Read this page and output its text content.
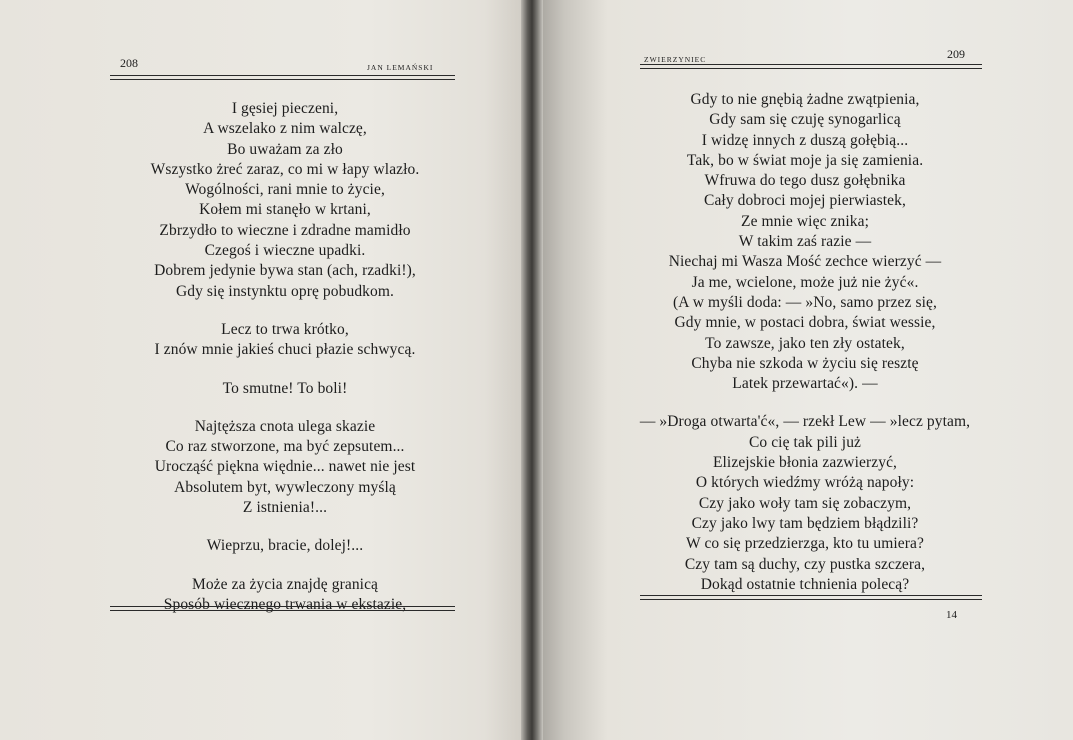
208	JAN LEMAŃSKI
I gęsiej pieczeni,
A wszelako z nim walczę,
Bo uważam za zło
Wszystko żreć zaraz, co mi w łapy wlazło.
Wogólności, rani mnie to życie,
Kołem mi stanęło w krtani,
Zbrzydło to wieczne i zdradne mamidło
Czegoś i wieczne upadki.
Dobrem jedynie bywa stan (ach, rzadki!),
Gdy się instynktu oprę pobudkom.
Lecz to trwa krótko,
I znów mnie jakieś chuci płazie schwycą.
To smutne! To boli!
Najtęższa cnota ulega skazie
Co raz stworzone, ma być zepsutem...
Urocząść piękna więdnie... nawet nie jest
Absolutem byt, wywleczony myślą
Z istnienia!...
Wieprzu, bracie, dolej!...
Może za życia znajdę granicą
Sposób wiecznego trwania w ekstazie,
ZWIERZYNIEC	209
Gdy to nie gnębią żadne zwątpienia,
Gdy sam się czuję synogarlicą
I widzę innych z duszą gołębią...
Tak, bo w świat moje ja się zamienia.
Wfruwa do tego dusz gołębnika
Cały dobroci mojej pierwiastek,
Ze mnie więc znika;
W takim zaś razie —
Niechaj mi Wasza Mość zechce wierzyć —
Ja me, wcielone, może już nie żyć«.
(A w myśli doda: — »No, samo przez się,
Gdy mnie, w postaci dobra, świat wessie,
To zawsze, jako ten zły ostatek,
Chyba nie szkoda w życiu się resztę
Latek przewartać«). —
— »Droga otwarta'ć«, — rzekł Lew — »lecz pytam,
Co cię tak pili już
Elizejskie błonia zazwierzyć,
O których wiedźmy wróżą napoły:
Czy jako woły tam się zobaczym,
Czy jako lwy tam będziem błądzili?
W co się przedzierzga, kto tu umiera?
Czy tam są duchy, czy pustka szczera,
Dokąd ostatnie tchnienia polecą?
14
